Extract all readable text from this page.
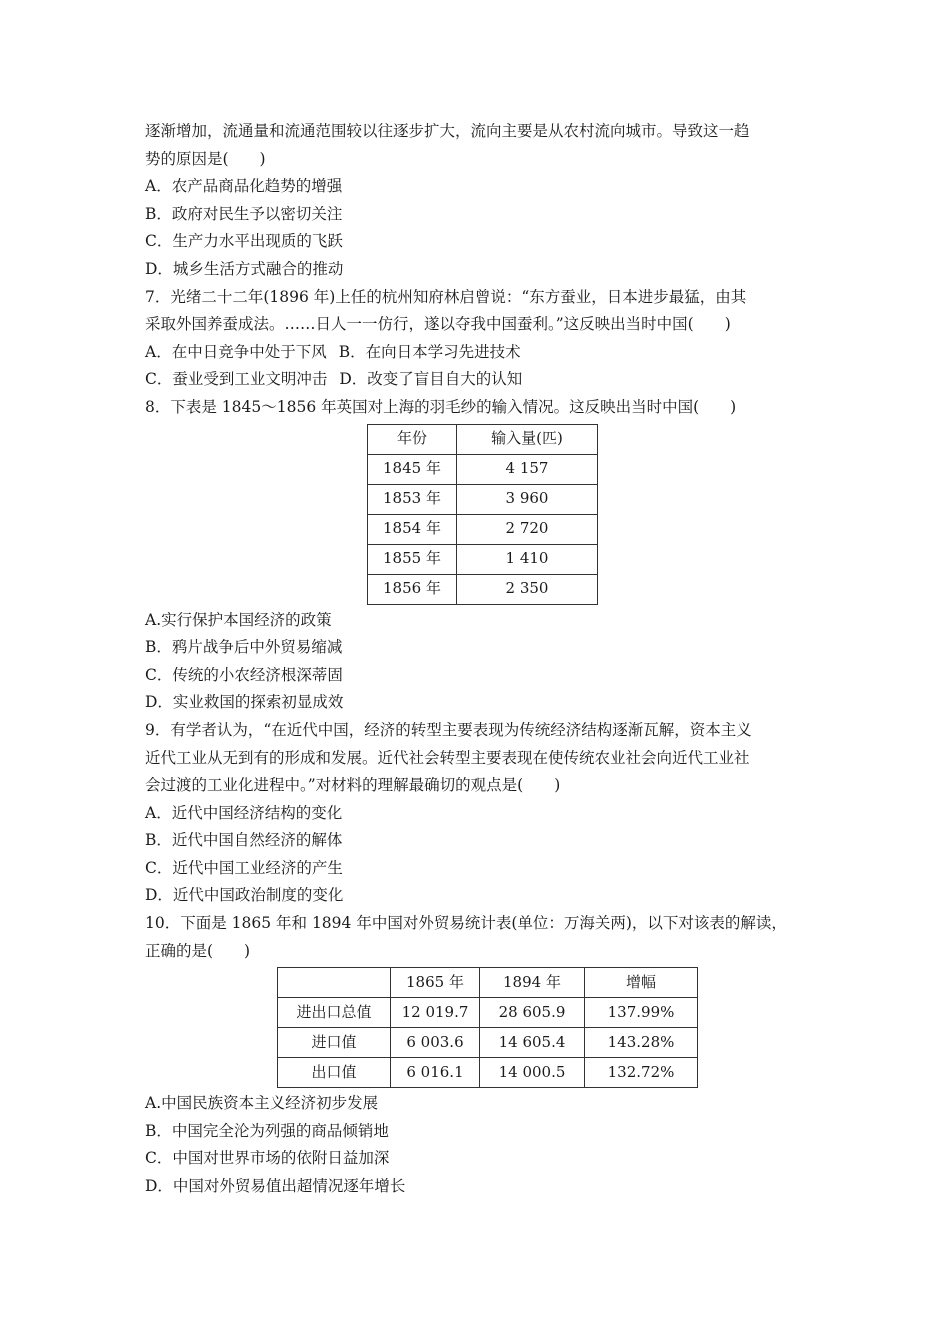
逐渐增加，流通量和流通范围较以往逐步扩大，流向主要是从农村流向城市。导致这一趋
势的原因是(　　)
A．农产品商品化趋势的增强
B．政府对民生予以密切关注
C．生产力水平出现质的飞跃
D．城乡生活方式融合的推动
7．光绪二十二年(1896 年)上任的杭州知府林启曾说：“东方蚕业，日本进步最猛，由其
采取外国养蚕成法。……日人一一仿行，遂以夺我中国蚕利。”这反映出当时中国(　　)
A．在中日竞争中处于下风 B．在向日本学习先进技术
C．蚕业受到工业文明冲击 D．改变了盲目自大的认知
8．下表是 1845～1856 年英国对上海的羽毛纱的输入情况。这反映出当时中国(　　)
年份	输入量(匹)
1845 年	4 157
1853 年	3 960
1854 年	2 720
1855 年	1 410
1856 年	2 350
A.实行保护本国经济的政策
B．鸦片战争后中外贸易缩减
C．传统的小农经济根深蒂固
D．实业救国的探索初显成效
9．有学者认为，“在近代中国，经济的转型主要表现为传统经济结构逐渐瓦解，资本主义
近代工业从无到有的形成和发展。近代社会转型主要表现在使传统农业社会向近代工业社
会过渡的工业化进程中。”对材料的理解最确切的观点是(　　)
A．近代中国经济结构的变化
B．近代中国自然经济的解体
C．近代中国工业经济的产生
D．近代中国政治制度的变化
10．下面是 1865 年和 1894 年中国对外贸易统计表(单位：万海关两)，以下对该表的解读，
正确的是(　　)
	1865 年	1894 年	增幅
进出口总值	12 019.7	28 605.9	137.99%
进口值	6 003.6	14 605.4	143.28%
出口值	6 016.1	14 000.5	132.72%
A.中国民族资本主义经济初步发展
B．中国完全沦为列强的商品倾销地
C．中国对世界市场的依附日益加深
D．中国对外贸易值出超情况逐年增长
